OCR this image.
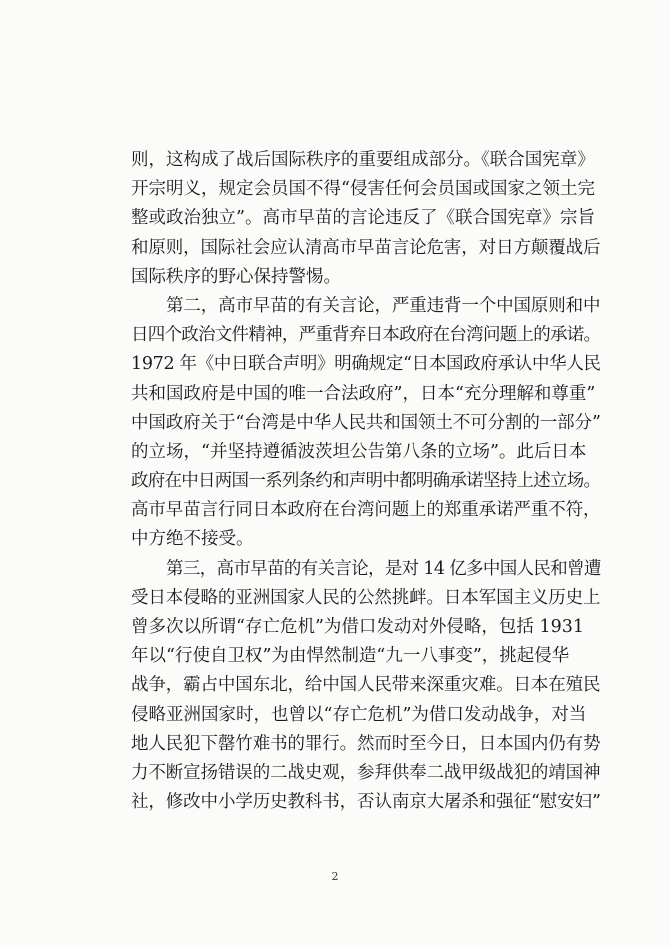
则，这构成了战后国际秩序的重要组成部分。《联合国宪章》
开宗明义，规定会员国不得“侵害任何会员国或国家之领土完
整或政治独立”。高市早苗的言论违反了《联合国宪章》宗旨
和原则，国际社会应认清高市早苗言论危害，对日方颠覆战后
国际秩序的野心保持警惕。
第二，高市早苗的有关言论，严重违背一个中国原则和中
日四个政治文件精神，严重背弃日本政府在台湾问题上的承诺。
1972 年《中日联合声明》明确规定“日本国政府承认中华人民
共和国政府是中国的唯一合法政府”，日本“充分理解和尊重”
中国政府关于“台湾是中华人民共和国领土不可分割的一部分”
的立场，“并坚持遵循波茨坦公告第八条的立场”。此后日本
政府在中日两国一系列条约和声明中都明确承诺坚持上述立场。
高市早苗言行同日本政府在台湾问题上的郑重承诺严重不符，
中方绝不接受。
第三，高市早苗的有关言论，是对 14 亿多中国人民和曾遭
受日本侵略的亚洲国家人民的公然挑衅。日本军国主义历史上
曾多次以所谓“存亡危机”为借口发动对外侵略，包括 1931
年以“行使自卫权”为由悍然制造“九一八事变”，挑起侵华
战争，霸占中国东北，给中国人民带来深重灾难。日本在殖民
侵略亚洲国家时，也曾以“存亡危机”为借口发动战争，对当
地人民犯下罄竹难书的罪行。然而时至今日，日本国内仍有势
力不断宣扬错误的二战史观，参拜供奉二战甲级战犯的靖国神
社，修改中小学历史教科书，否认南京大屠杀和强征“慰安妇”
2
